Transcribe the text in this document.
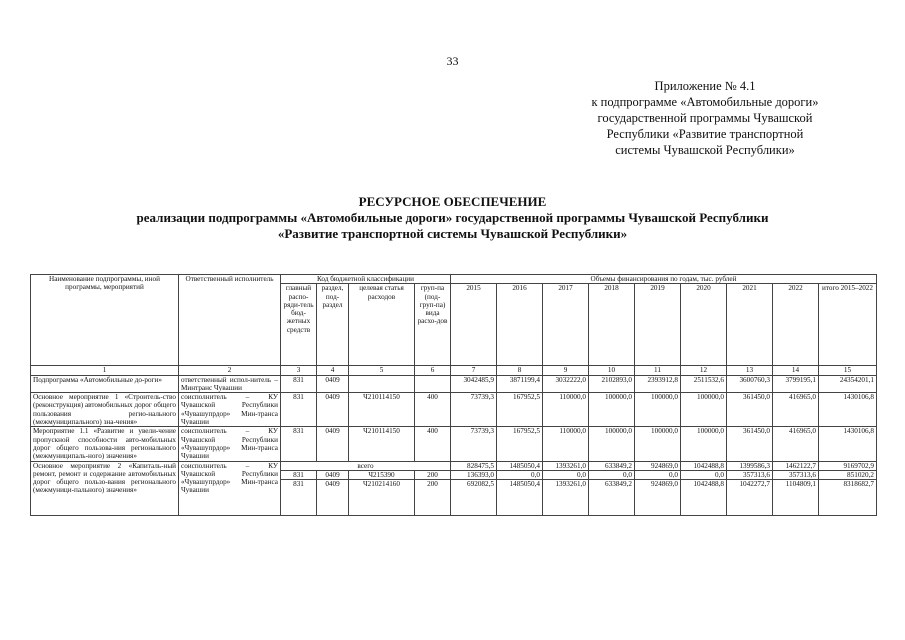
33
Приложение № 4.1
к подпрограмме «Автомобильные дороги»
государственной программы Чувашской
Республики «Развитие транспортной
системы Чувашской Республики»
РЕСУРСНОЕ ОБЕСПЕЧЕНИЕ
реализации подпрограммы «Автомобильные дороги» государственной программы Чувашской Республики
«Развитие транспортной системы Чувашской Республики»
Наименование подпрограммы, иной программы, мероприятий	Ответственный исполнитель	Код бюджетной классификации				Объемы финансирования по годам, тыс. рублей								
		главный распо-ряди-тель бюд-жетных средств	раздел, под-раздел	целевая статья расходов	груп-па (под-груп-па) вида расхо-дов	2015	2016	2017	2018	2019	2020	2021	2022	итого 2015–2022
1	2	3	4	5	6	7	8	9	10	11	12	13	14	15
Подпрограмма «Автомобильные до-роги»	ответственный испол-нитель – Минтранс Чувашии	831	0409			3042485,9	3871199,4	3032222,0	2102893,0	2393912,8	2511532,6	3600760,3	3799195,1	24354201,1
Основное мероприятие 1 «Строитель-ство (реконструкция) автомобильных дорог общего пользования регио-нального (межмуниципального) зна-чения»	соисполнитель – КУ Чувашской Республики «Чувашупрдор» Мин-транса Чувашии	831	0409	Ч210114150	400	73739,3	167952,5	110000,0	100000,0	100000,0	100000,0	361450,0	416965,0	1430106,8
Мероприятие 1.1 «Развитие и увели-чение пропускной способности авто-мобильных дорог общего пользова-ния регионального (межмуниципаль-ного) значения»	соисполнитель – КУ Чувашской Республики «Чувашупрдор» Мин-транса Чувашии	831	0409	Ч210114150	400	73739,3	167952,5	110000,0	100000,0	100000,0	100000,0	361450,0	416965,0	1430106,8
Основное мероприятие 2 «Капиталь-ный ремонт, ремонт и содержание автомобильных дорог общего пользо-вания регионального (межмуници-пального) значения»	соисполнитель – КУ Чувашской Республики «Чувашупрдор» Мин-транса Чувашии	всего				828475,5	1485050,4	1393261,0	633849,2	924869,0	1042488,8	1399586,3	1462122,7	9169702,9
		831	0409	Ч215390	200	136393,0	0,0	0,0	0,0	0,0	0,0	357313,6	357313,6	851020,2
		831	0409	Ч210214160	200	692082,5	1485050,4	1393261,0	633849,2	924869,0	1042488,8	1042272,7	1104809,1	8318682,7
